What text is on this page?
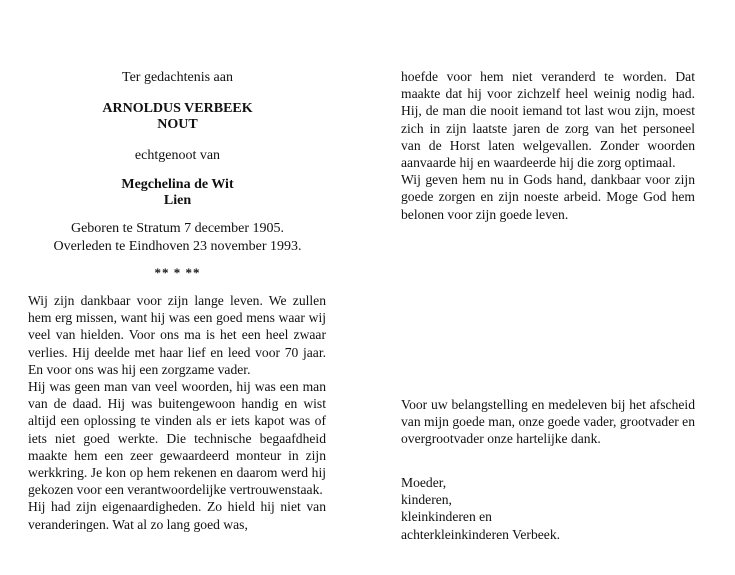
Ter gedachtenis aan
ARNOLDUS VERBEEK
NOUT
echtgenoot van
Megchelina de Wit
Lien
Geboren te Stratum 7 december 1905.
Overleden te Eindhoven 23 november 1993.
** * **

Wij zijn dankbaar voor zijn lange leven. We zullen hem erg missen, want hij was een goed mens waar wij veel van hielden. Voor ons ma is het een heel zwaar verlies. Hij deelde met haar lief en leed voor 70 jaar. En voor ons was hij een zorgzame vader.

Hij was geen man van veel woorden, hij was een man van de daad. Hij was buitengewoon handig en wist altijd een oplossing te vinden als er iets kapot was of iets niet goed werkte. Die technische begaafdheid maakte hem een zeer gewaardeerd monteur in zijn werkkring. Je kon op hem rekenen en daarom werd hij gekozen voor een verantwoordelijke vertrouwenstaak.

Hij had zijn eigenaardigheden. Zo hield hij niet van veranderingen. Wat al zo lang goed was,

hoefde voor hem niet veranderd te worden. Dat maakte dat hij voor zichzelf heel weinig nodig had. Hij, de man die nooit iemand tot last wou zijn, moest zich in zijn laatste jaren de zorg van het personeel van de Horst laten welgevallen. Zonder woorden aanvaarde hij en waardeerde hij die zorg optimaal.

Wij geven hem nu in Gods hand, dankbaar voor zijn goede zorgen en zijn noeste arbeid. Moge God hem belonen voor zijn goede leven.

Voor uw belangstelling en medeleven bij het afscheid van mijn goede man, onze goede vader, grootvader en overgrootvader onze hartelijke dank.

Moeder,
kinderen,
kleinkinderen en
achterkleinkinderen Verbeek.
